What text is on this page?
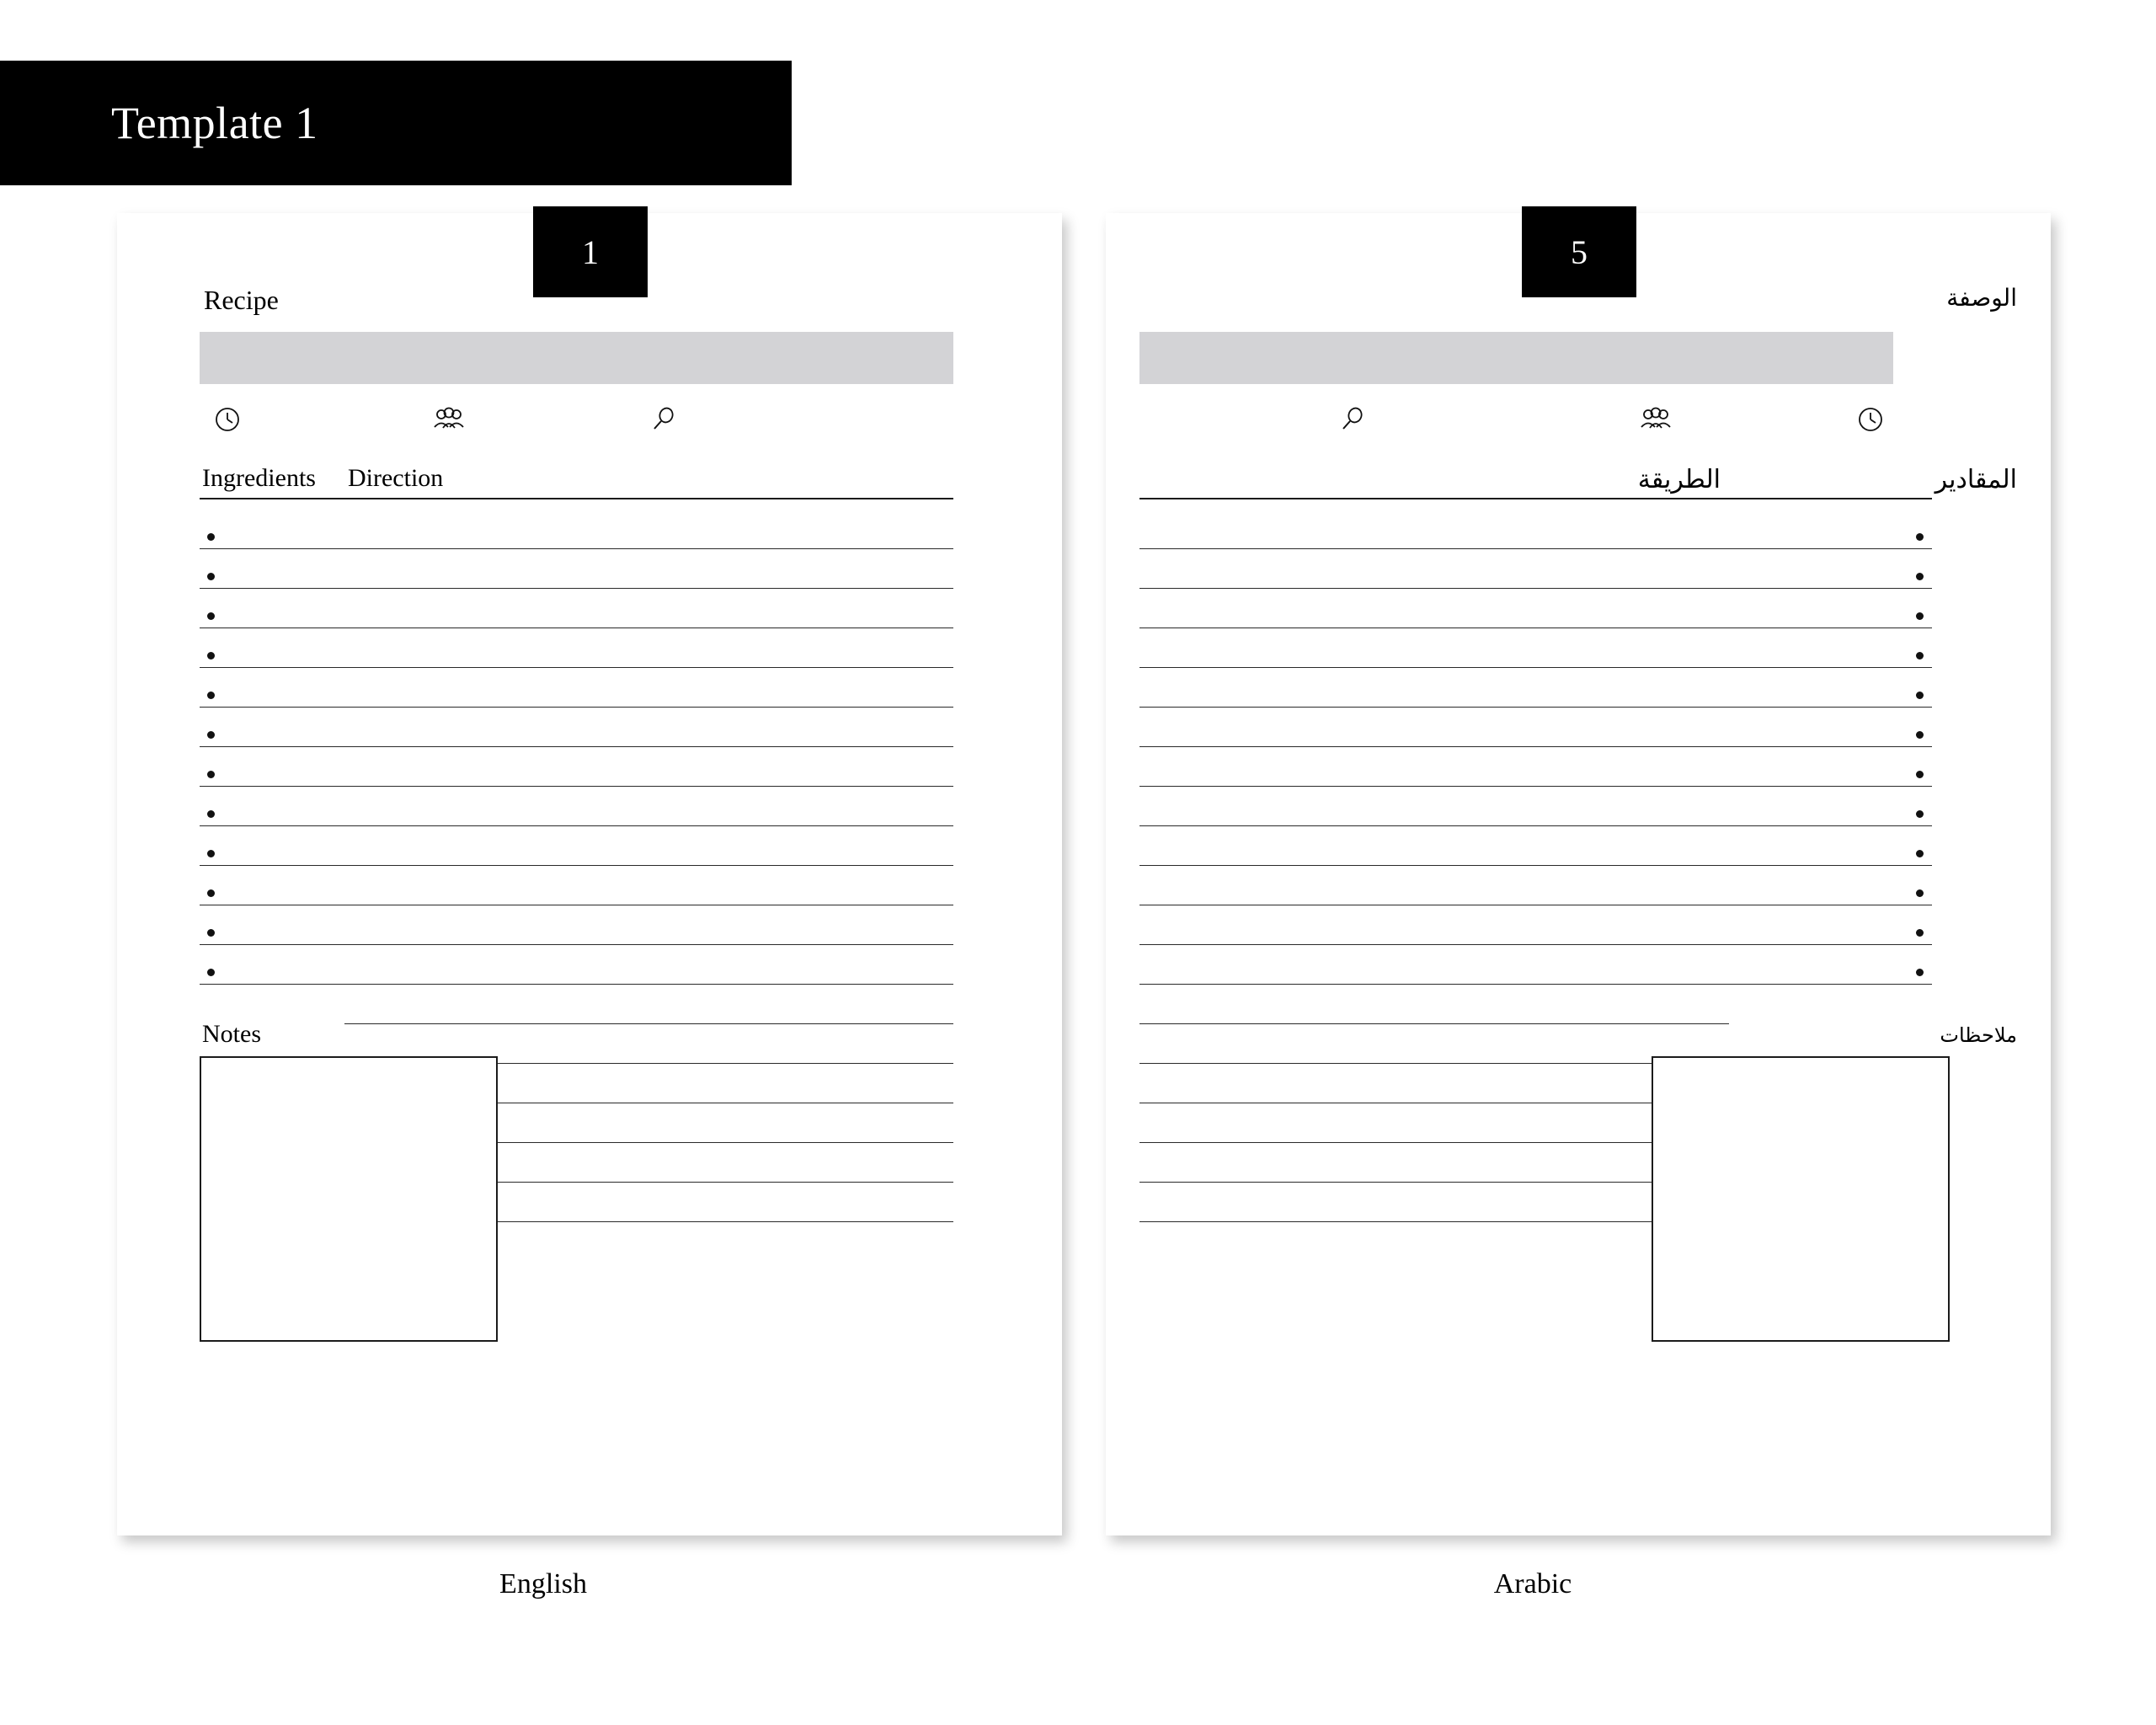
Template 1
1
Recipe
Ingredients Direction
Notes
5
الوصفة
المقادير
الطريقة
ملاحظات
English	Arabic
